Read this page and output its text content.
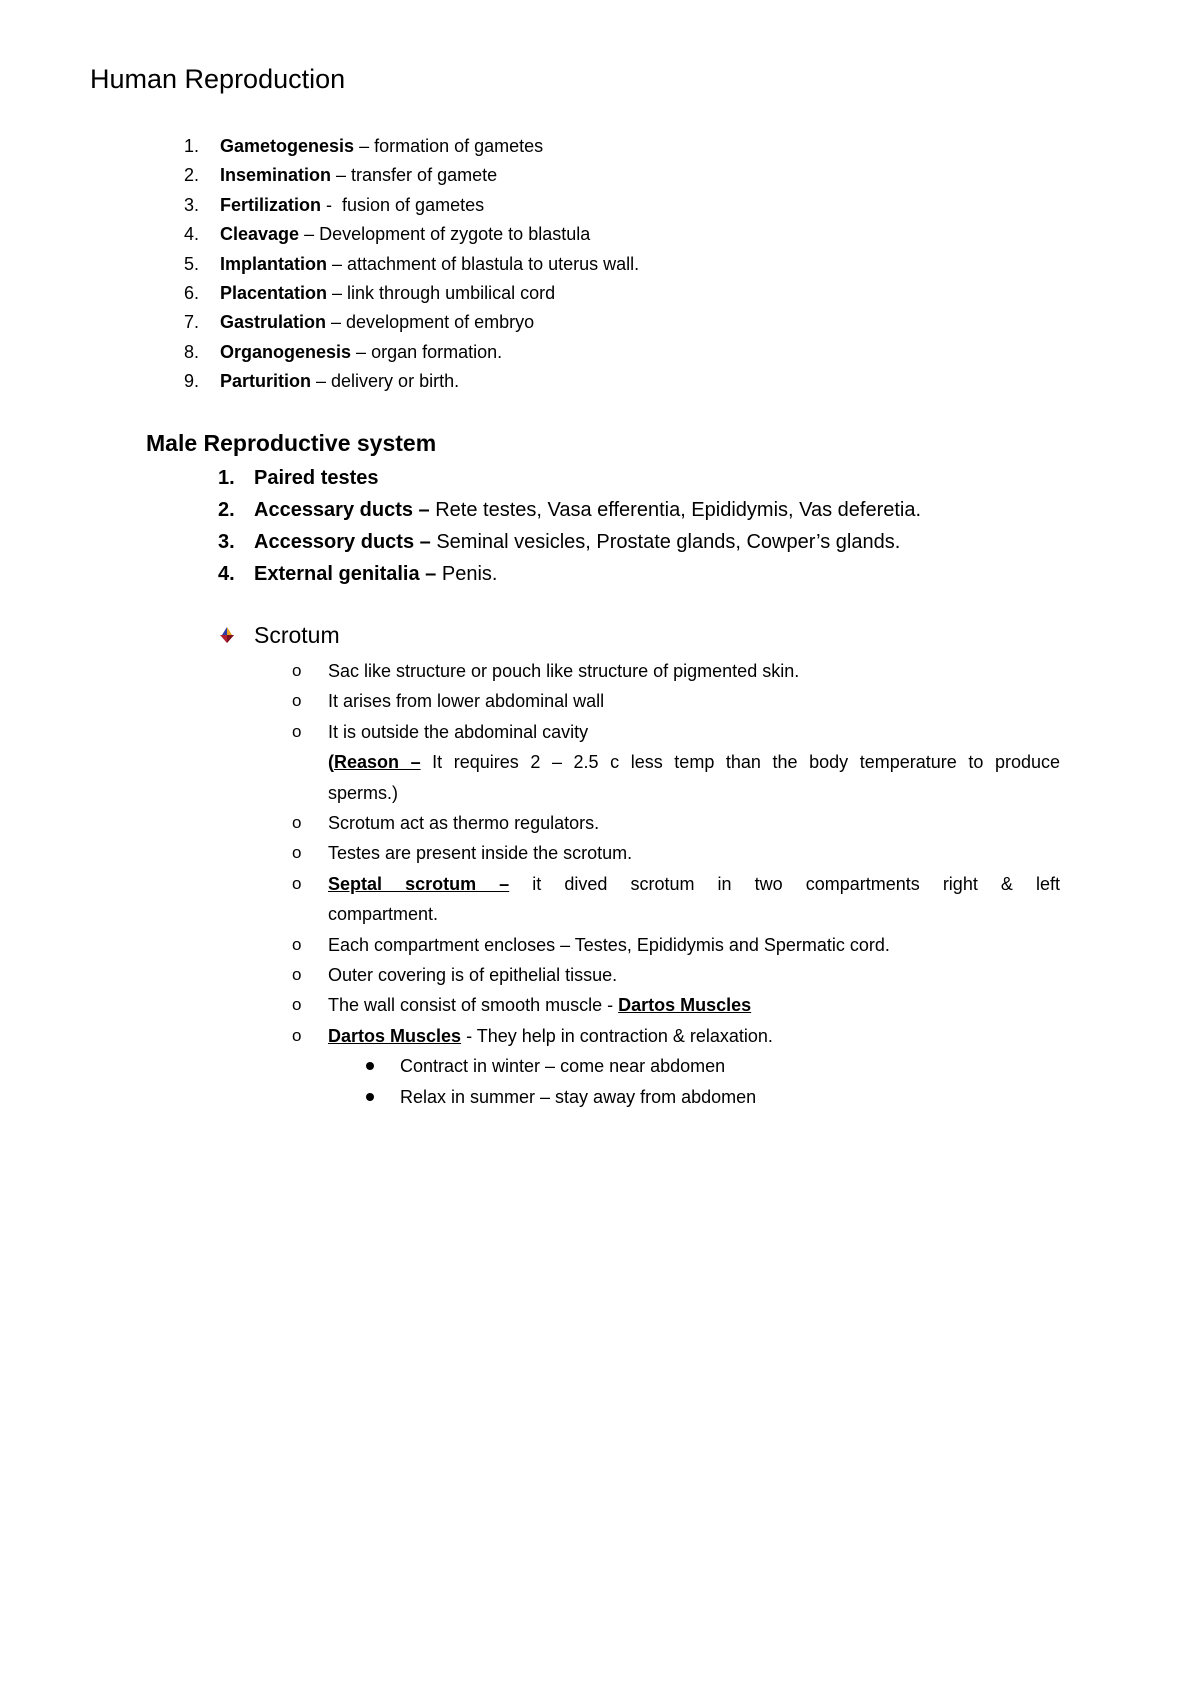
Human Reproduction
1. Gametogenesis – formation of gametes
2. Insemination – transfer of gamete
3. Fertilization -  fusion of gametes
4. Cleavage – Development of zygote to blastula
5. Implantation – attachment of blastula to uterus wall.
6. Placentation – link through umbilical cord
7. Gastrulation – development of embryo
8. Organogenesis – organ formation.
9. Parturition – delivery or birth.
Male Reproductive system
1. Paired testes
2. Accessary ducts – Rete testes, Vasa efferentia, Epididymis, Vas deferetia.
3. Accessory ducts – Seminal vesicles, Prostate glands, Cowper’s glands.
4. External genitalia – Penis.
Scrotum
o Sac like structure or pouch like structure of pigmented skin.
o It arises from lower abdominal wall
o It is outside the abdominal cavity
(Reason – It requires 2 – 2.5 c less temp than the body temperature to produce
sperms.)
o Scrotum act as thermo regulators.
o Testes are present inside the scrotum.
o Septal scrotum – it dived scrotum in two compartments right & left
compartment.
o Each compartment encloses – Testes, Epididymis and Spermatic cord.
o Outer covering is of epithelial tissue.
o The wall consist of smooth muscle - Dartos Muscles
o Dartos Muscles - They help in contraction & relaxation.
Contract in winter – come near abdomen
Relax in summer – stay away from abdomen
